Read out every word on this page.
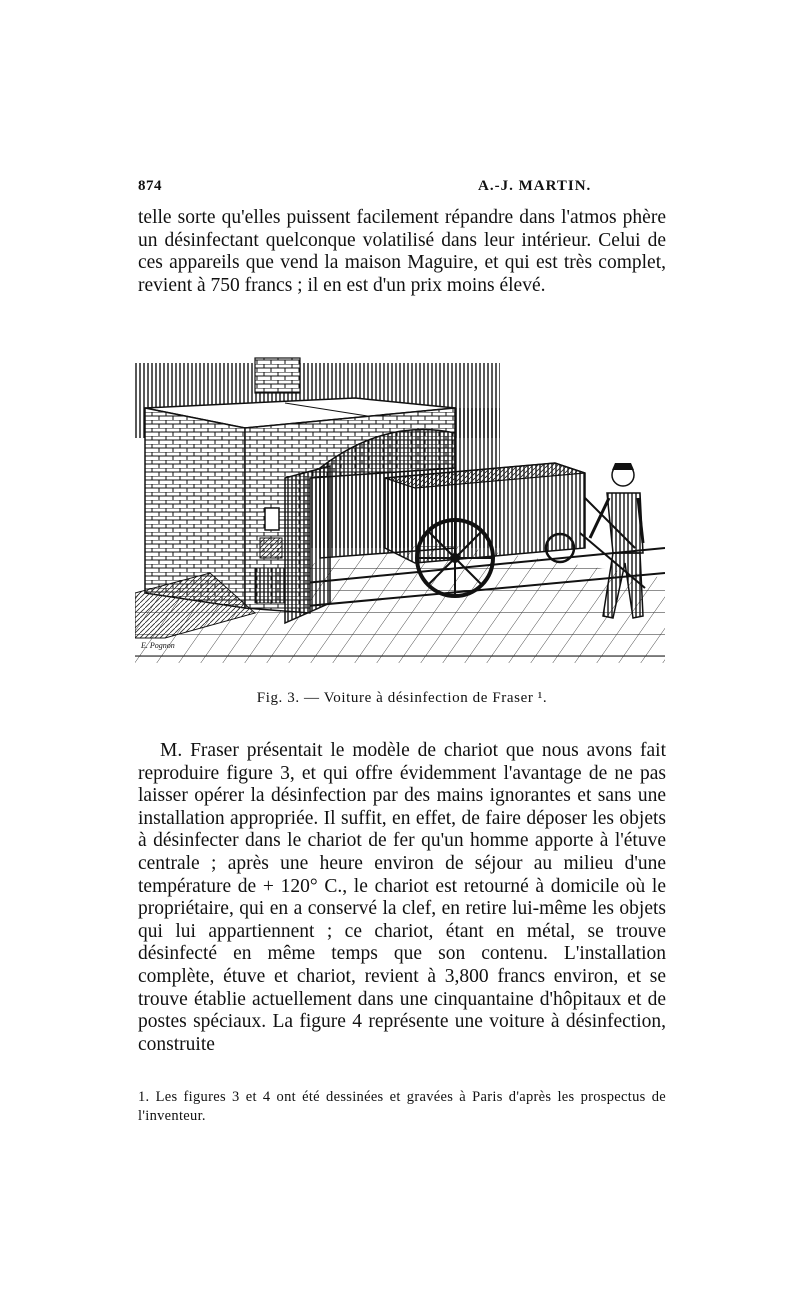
874	A.-J. MARTIN.

telle sorte qu'elles puissent facilement répandre dans l'atmos phère un désinfectant quelconque volatilisé dans leur intérieur. Celui de ces appareils que vend la maison Maguire, et qui est très complet, revient à 750 francs ; il en est d'un prix moins élevé.

E. Pognon
Fig. 3. — Voiture à désinfection de Fraser ¹.

M. Fraser présentait le modèle de chariot que nous avons fait reproduire figure 3, et qui offre évidemment l'avantage de ne pas laisser opérer la désinfection par des mains ignorantes et sans une installation appropriée. Il suffit, en effet, de faire déposer les objets à désinfecter dans le chariot de fer qu'un homme apporte à l'étuve centrale ; après une heure environ de séjour au milieu d'une température de + 120° C., le chariot est retourné à domicile où le propriétaire, qui en a conservé la clef, en retire lui-même les objets qui lui appartiennent ; ce chariot, étant en métal, se trouve désinfecté en même temps que son contenu. L'installation complète, étuve et chariot, revient à 3,800 francs environ, et se trouve établie actuellement dans une cinquantaine d'hôpitaux et de postes spéciaux. La figure 4 représente une voiture à désinfection, construite

1. Les figures 3 et 4 ont été dessinées et gravées à Paris d'après les prospectus de l'inventeur.
